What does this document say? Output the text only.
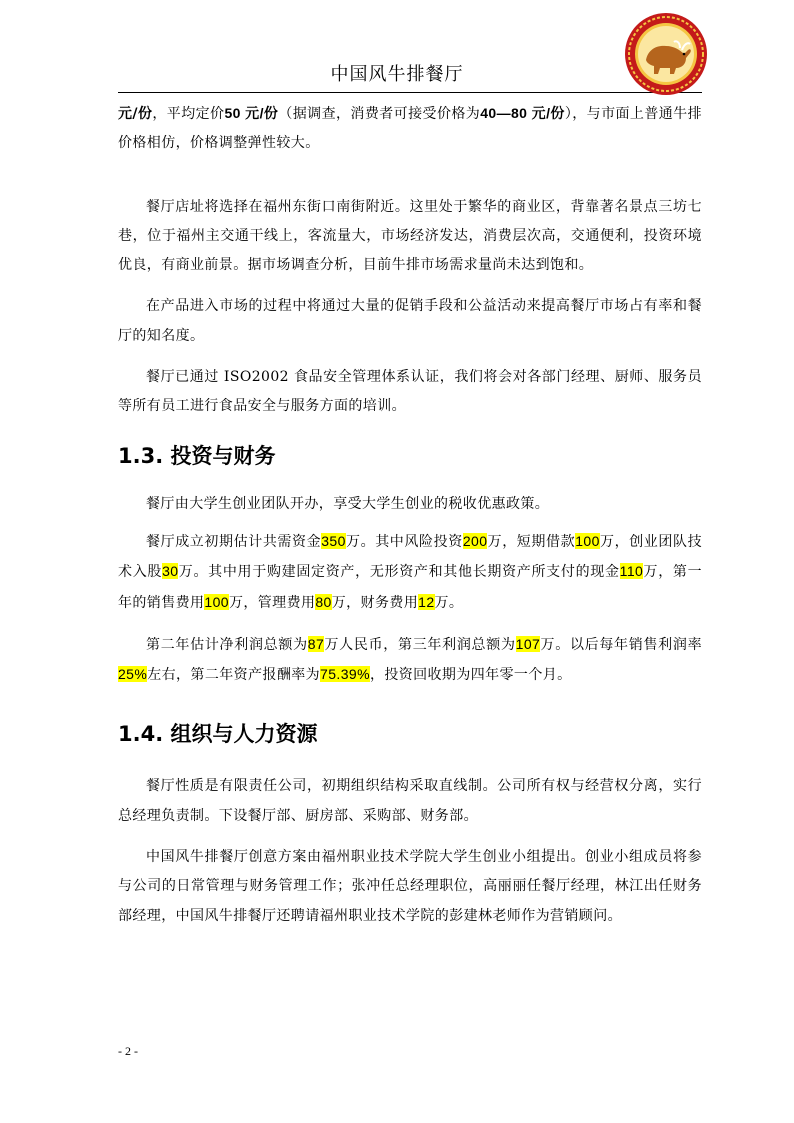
中国风牛排餐厅

元/份，平均定价50 元/份（据调查，消费者可接受价格为40—80 元/份），与市面上普通牛排价格相仿，价格调整弹性较大。

餐厅店址将选择在福州东街口南街附近。这里处于繁华的商业区，背靠著名景点三坊七巷，位于福州主交通干线上，客流量大，市场经济发达，消费层次高，交通便利，投资环境优良，有商业前景。据市场调查分析，目前牛排市场需求量尚未达到饱和。

在产品进入市场的过程中将通过大量的促销手段和公益活动来提高餐厅市场占有率和餐厅的知名度。

餐厅已通过 ISO2002 食品安全管理体系认证，我们将会对各部门经理、厨师、服务员等所有员工进行食品安全与服务方面的培训。

1.3. 投资与财务

餐厅由大学生创业团队开办，享受大学生创业的税收优惠政策。

餐厅成立初期估计共需资金350万。其中风险投资200万，短期借款100万，创业团队技术入股30万。其中用于购建固定资产，无形资产和其他长期资产所支付的现金110万，第一年的销售费用100万，管理费用80万，财务费用12万。

第二年估计净利润总额为87万人民币，第三年利润总额为107万。以后每年销售利润率25%左右，第二年资产报酬率为75.39%，投资回收期为四年零一个月。

1.4. 组织与人力资源

餐厅性质是有限责任公司，初期组织结构采取直线制。公司所有权与经营权分离，实行总经理负责制。下设餐厅部、厨房部、采购部、财务部。

中国风牛排餐厅创意方案由福州职业技术学院大学生创业小组提出。创业小组成员将参与公司的日常管理与财务管理工作；张冲任总经理职位，高丽丽任餐厅经理，林江出任财务部经理，中国风牛排餐厅还聘请福州职业技术学院的彭建林老师作为营销顾问。

- 2 -
